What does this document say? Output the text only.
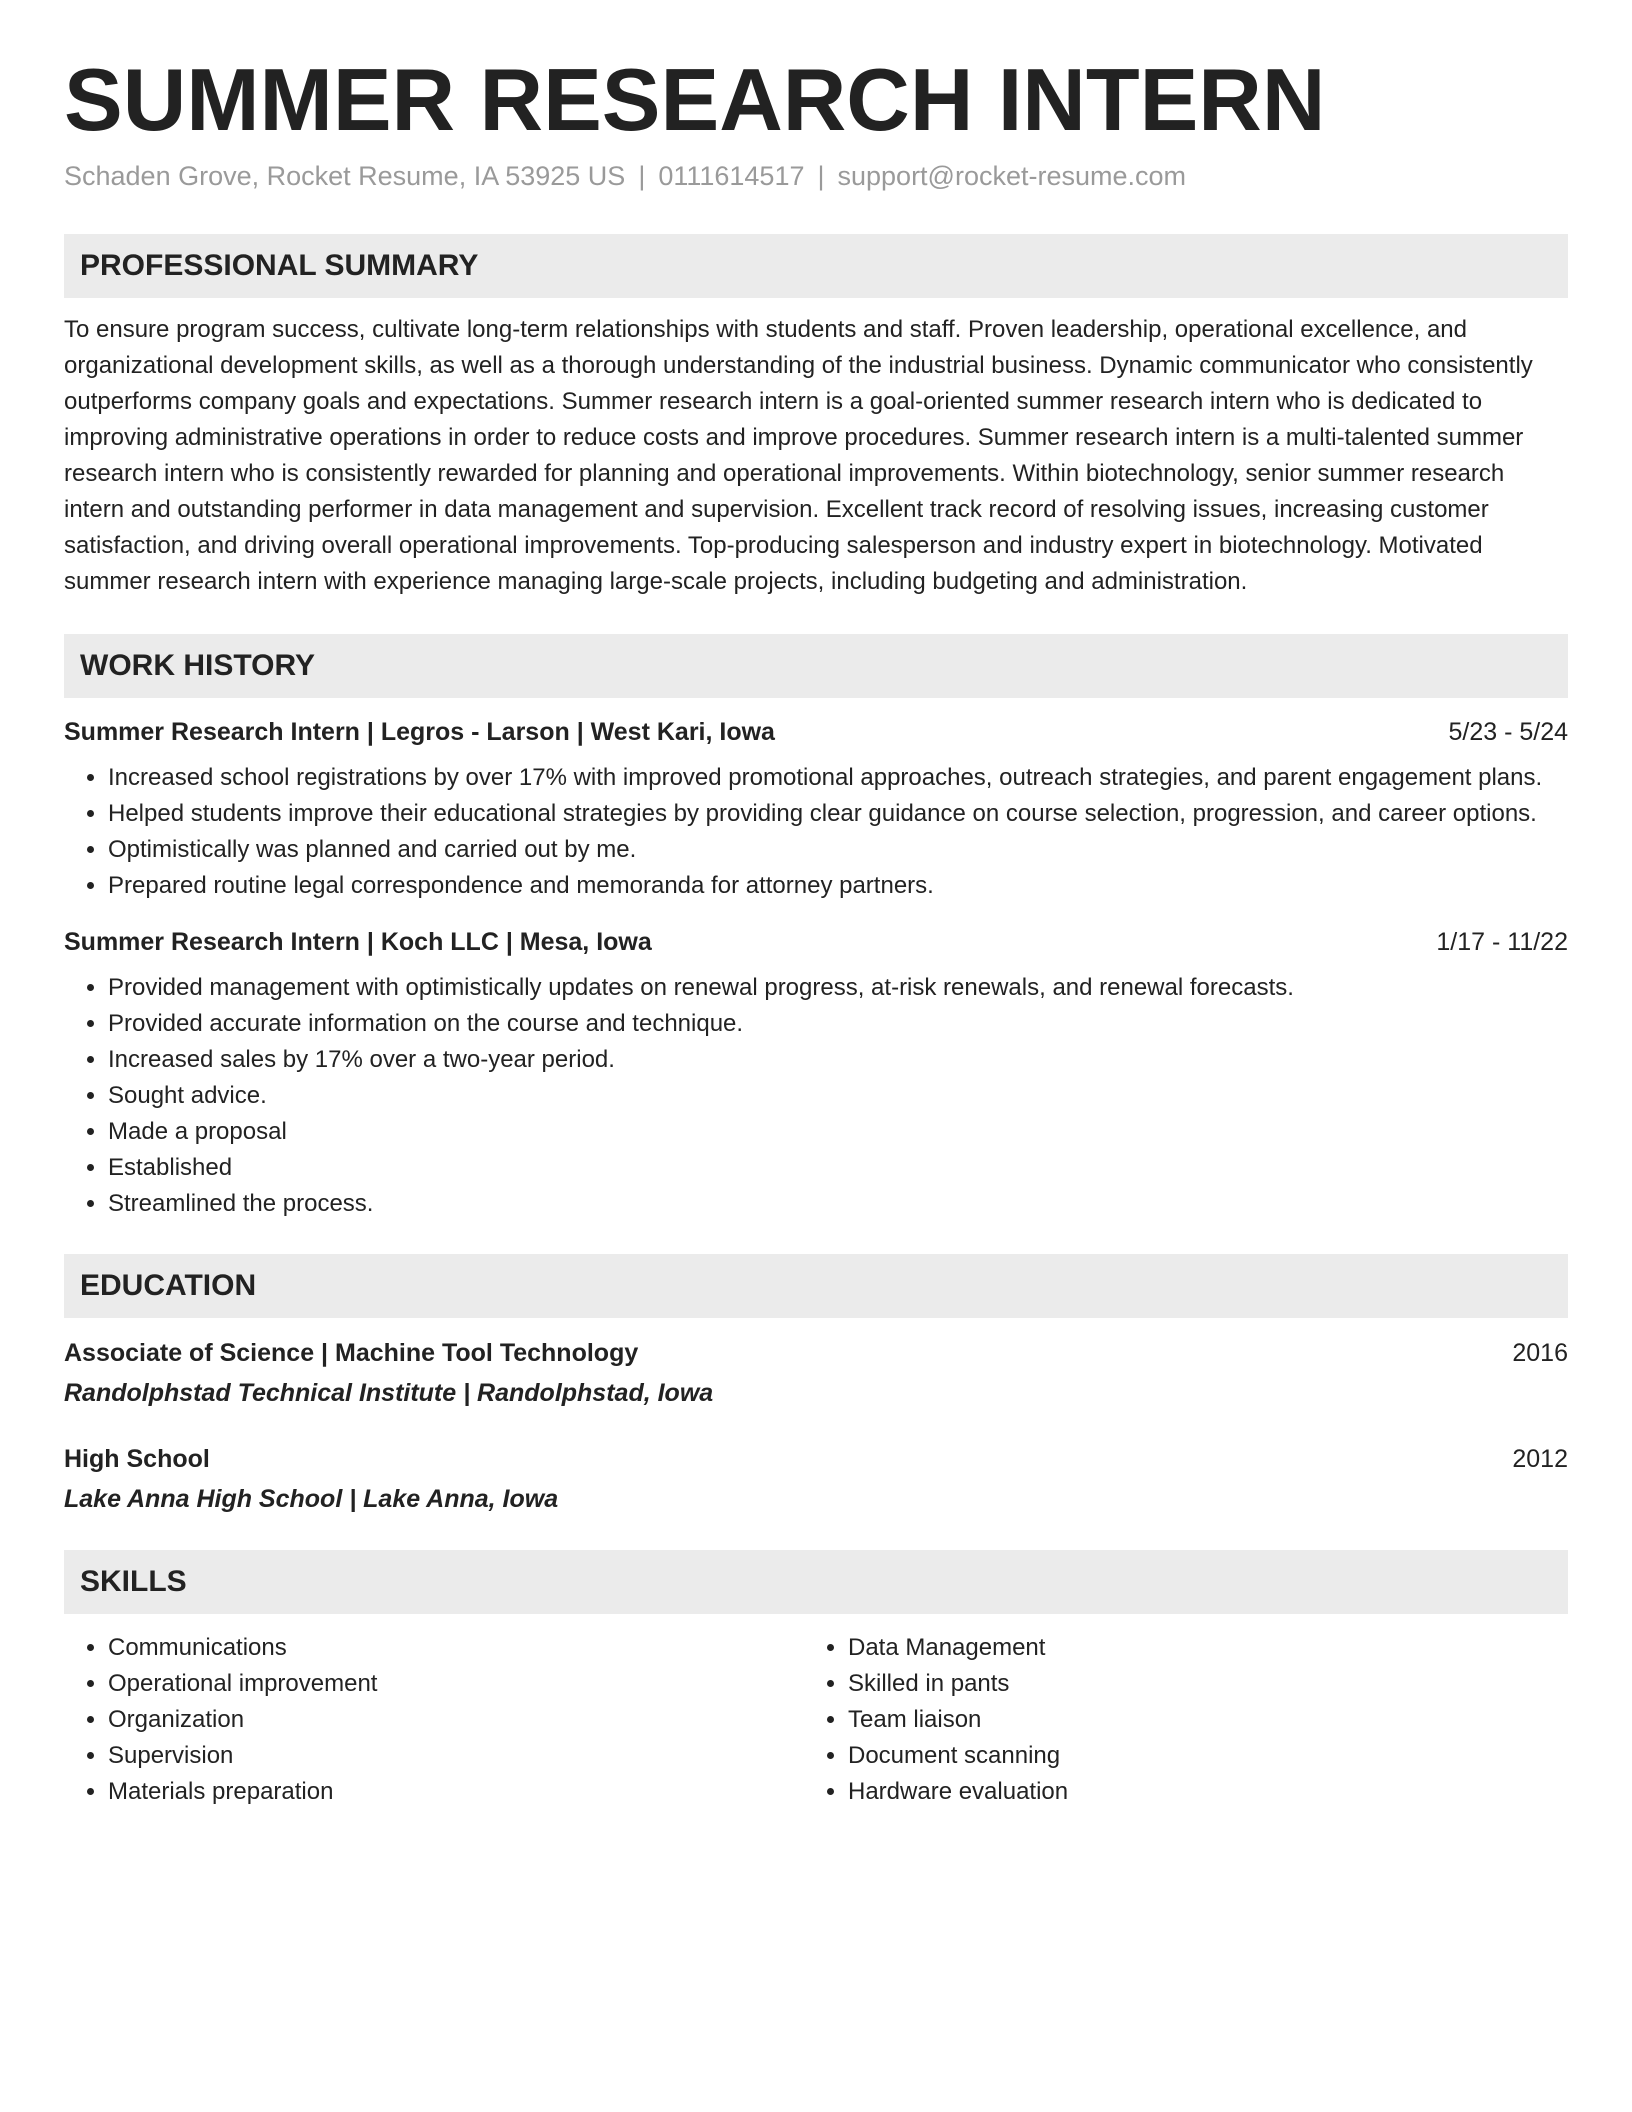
SUMMER RESEARCH INTERN
Schaden Grove, Rocket Resume, IA 53925 US | 0111614517 | support@rocket-resume.com
PROFESSIONAL SUMMARY
To ensure program success, cultivate long-term relationships with students and staff. Proven leadership, operational excellence, and organizational development skills, as well as a thorough understanding of the industrial business. Dynamic communicator who consistently outperforms company goals and expectations. Summer research intern is a goal-oriented summer research intern who is dedicated to improving administrative operations in order to reduce costs and improve procedures. Summer research intern is a multi-talented summer research intern who is consistently rewarded for planning and operational improvements. Within biotechnology, senior summer research intern and outstanding performer in data management and supervision. Excellent track record of resolving issues, increasing customer satisfaction, and driving overall operational improvements. Top-producing salesperson and industry expert in biotechnology. Motivated summer research intern with experience managing large-scale projects, including budgeting and administration.
WORK HISTORY
Summer Research Intern | Legros - Larson | West Kari, Iowa	5/23 - 5/24
• Increased school registrations by over 17% with improved promotional approaches, outreach strategies, and parent engagement plans.
• Helped students improve their educational strategies by providing clear guidance on course selection, progression, and career options.
• Optimistically was planned and carried out by me.
• Prepared routine legal correspondence and memoranda for attorney partners.
Summer Research Intern | Koch LLC | Mesa, Iowa	1/17 - 11/22
• Provided management with optimistically updates on renewal progress, at-risk renewals, and renewal forecasts.
• Provided accurate information on the course and technique.
• Increased sales by 17% over a two-year period.
• Sought advice.
• Made a proposal
• Established
• Streamlined the process.
EDUCATION
Associate of Science | Machine Tool Technology	2016
Randolphstad Technical Institute | Randolphstad, Iowa
High School	2012
Lake Anna High School | Lake Anna, Iowa
SKILLS
• Communications
• Operational improvement
• Organization
• Supervision
• Materials preparation
• Data Management
• Skilled in pants
• Team liaison
• Document scanning
• Hardware evaluation
